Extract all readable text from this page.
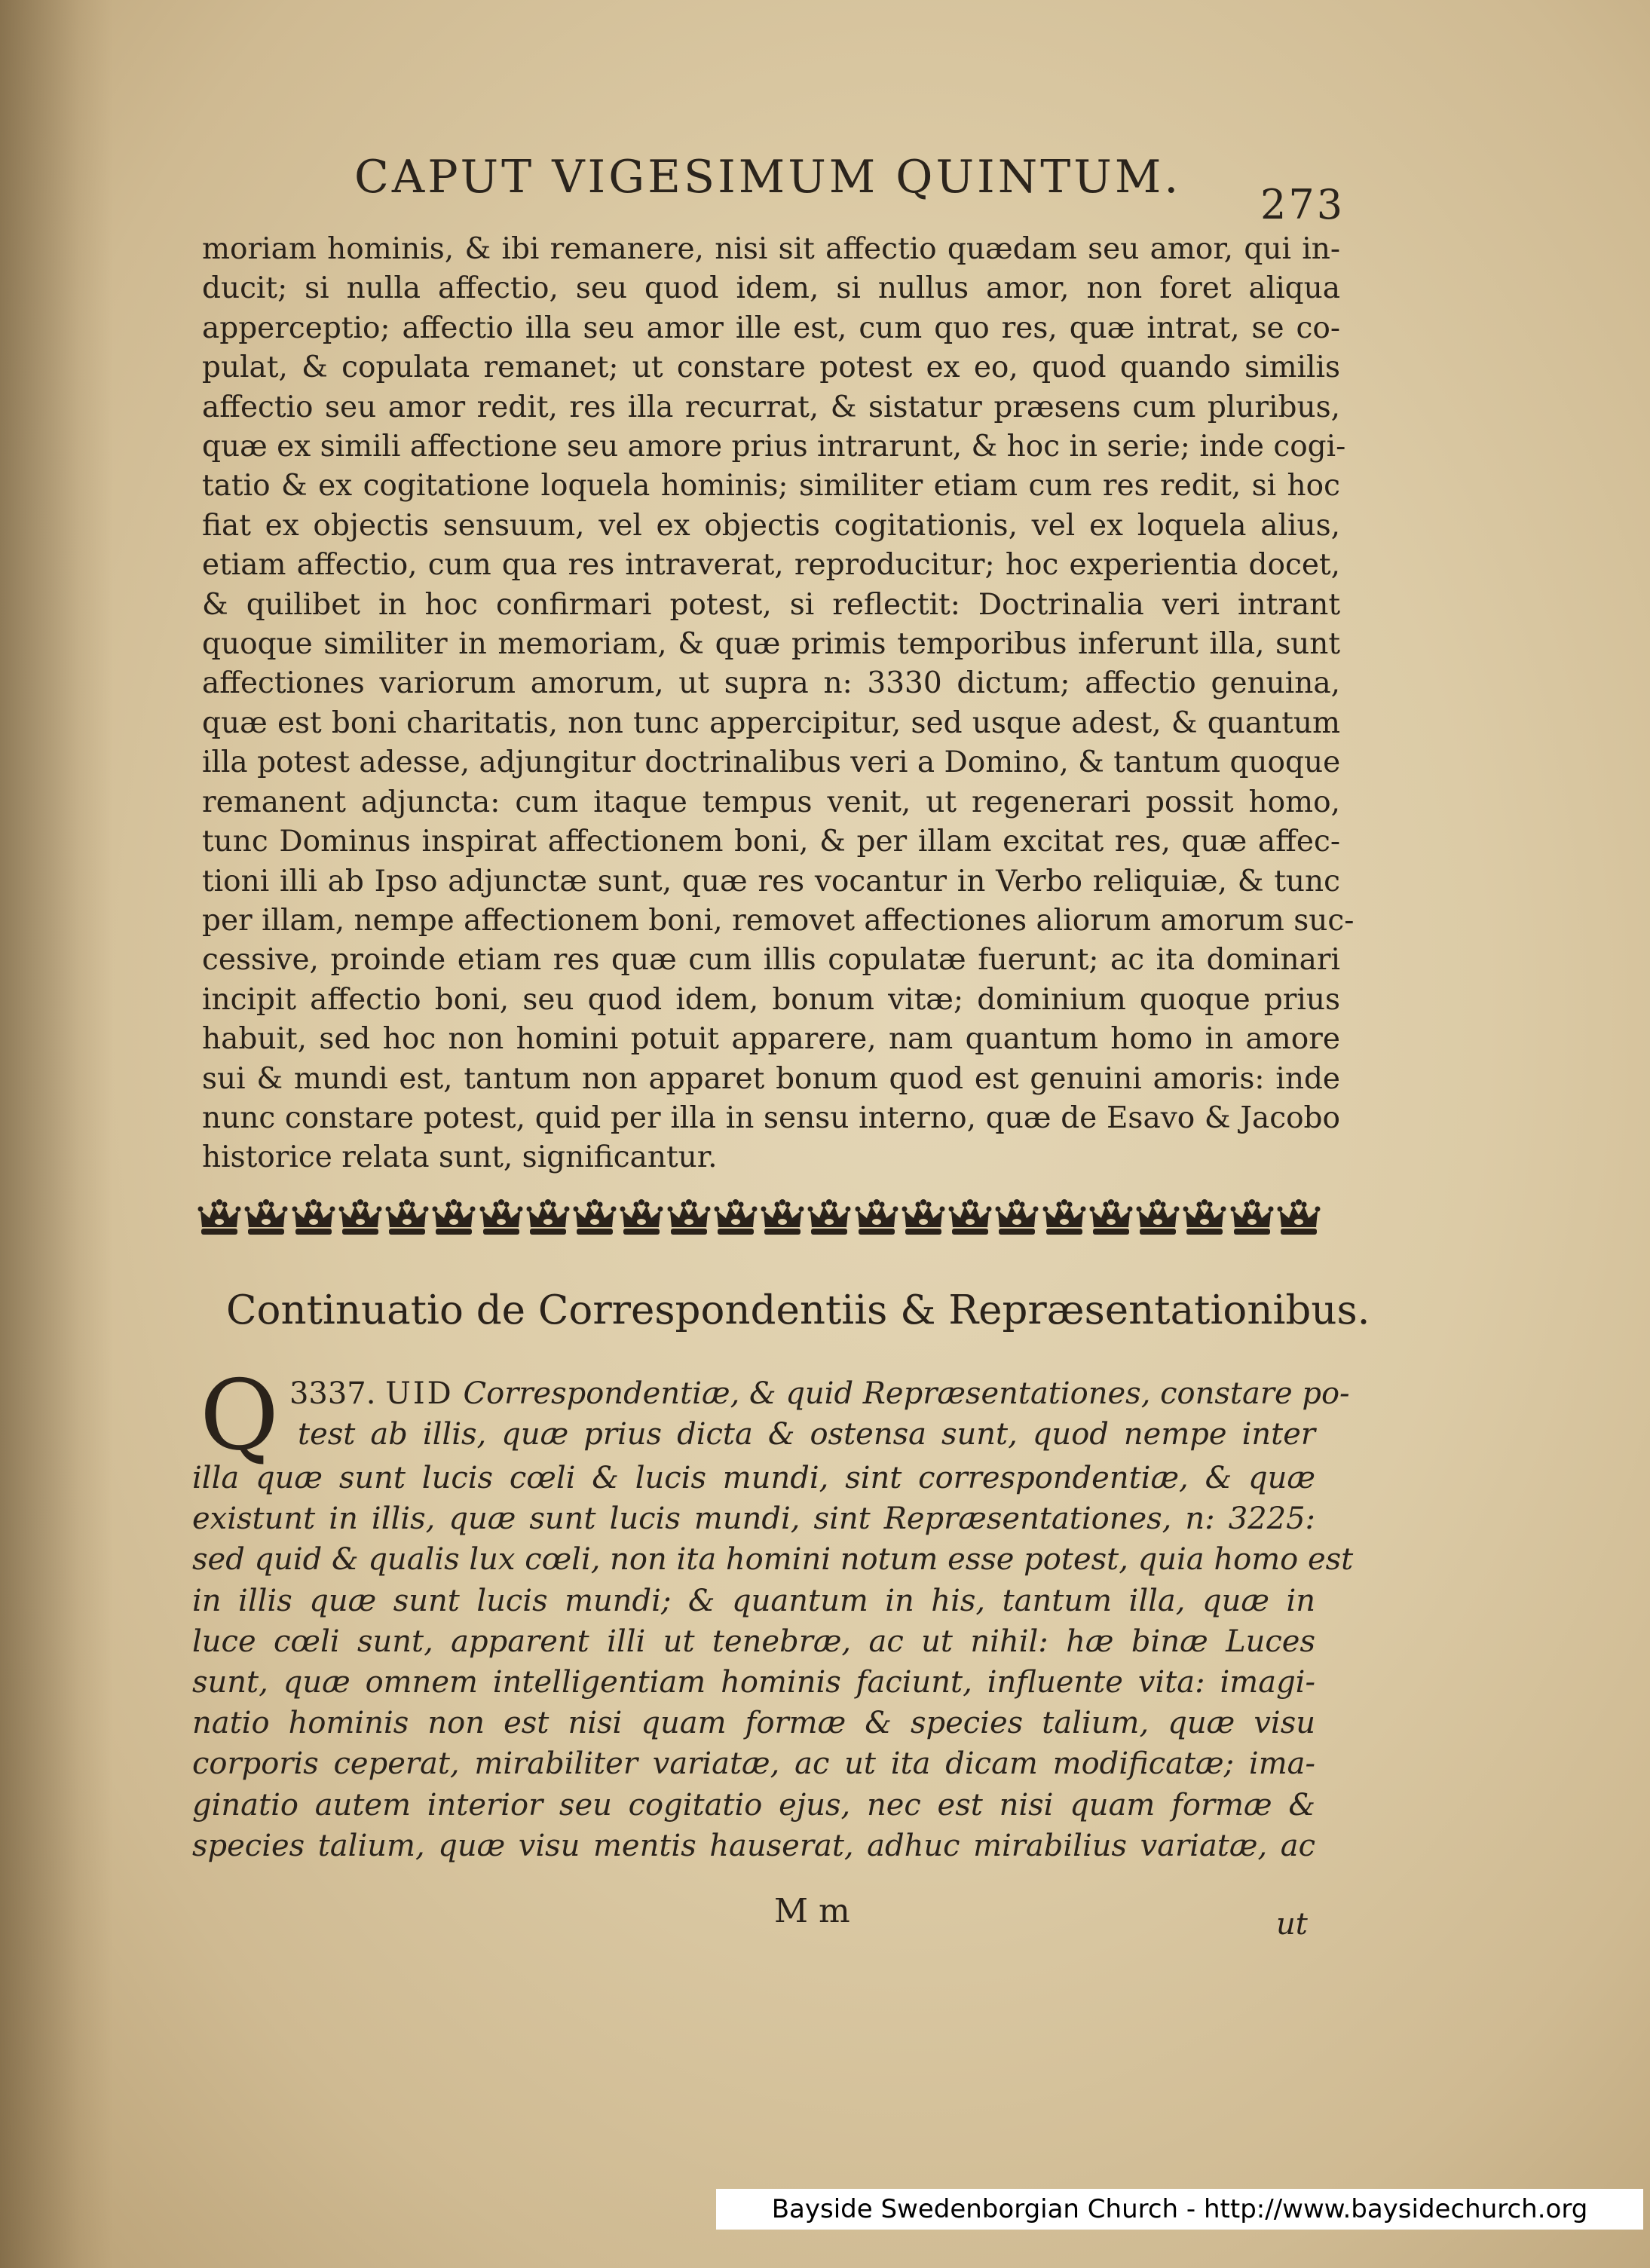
CAPUT VIGESIMUM QUINTUM.
273
moriam hominis, & ibi remanere, nisi sit affectio quædam seu amor, qui in-
ducit; si nulla affectio, seu quod idem, si nullus amor, non foret aliqua
apperceptio; affectio illa seu amor ille est, cum quo res, quæ intrat, se co-
pulat, & copulata remanet; ut constare potest ex eo, quod quando similis
affectio seu amor redit, res illa recurrat, & sistatur præsens cum pluribus,
quæ ex simili affectione seu amore prius intrarunt, & hoc in serie; inde cogi-
tatio & ex cogitatione loquela hominis; similiter etiam cum res redit, si hoc
fiat ex objectis sensuum, vel ex objectis cogitationis, vel ex loquela alius,
etiam affectio, cum qua res intraverat, reproducitur; hoc experientia docet,
& quilibet in hoc confirmari potest, si reflectit: Doctrinalia veri intrant
quoque similiter in memoriam, & quæ primis temporibus inferunt illa, sunt
affectiones variorum amorum, ut supra n: 3330 dictum; affectio genuina,
quæ est boni charitatis, non tunc appercipitur, sed usque adest, & quantum
illa potest adesse, adjungitur doctrinalibus veri a Domino, & tantum quoque
remanent adjuncta: cum itaque tempus venit, ut regenerari possit homo,
tunc Dominus inspirat affectionem boni, & per illam excitat res, quæ affec-
tioni illi ab Ipso adjunctæ sunt, quæ res vocantur in Verbo reliquiæ, & tunc
per illam, nempe affectionem boni, removet affectiones aliorum amorum suc-
cessive, proinde etiam res quæ cum illis copulatæ fuerunt; ac ita dominari
incipit affectio boni, seu quod idem, bonum vitæ; dominium quoque prius
habuit, sed hoc non homini potuit apparere, nam quantum homo in amore
sui & mundi est, tantum non apparet bonum quod est genuini amoris: inde
nunc constare potest, quid per illa in sensu interno, quæ de Esavo & Jacobo
historice relata sunt, significantur.
Continuatio de Correspondentiis & Repræsentationibus.
3337.
Q	UID Correspondentiæ, & quid Repræsentationes, constare po-
test ab illis, quæ prius dicta & ostensa sunt, quod nempe inter
illa quæ sunt lucis cœli & lucis mundi, sint correspondentiæ, & quæ
existunt in illis, quæ sunt lucis mundi, sint Repræsentationes, n: 3225:
sed quid & qualis lux cœli, non ita homini notum esse potest, quia homo est
in illis quæ sunt lucis mundi; & quantum in his, tantum illa, quæ in
luce cœli sunt, apparent illi ut tenebræ, ac ut nihil: hæ binæ Luces
sunt, quæ omnem intelligentiam hominis faciunt, influente vita: imagi-
natio hominis non est nisi quam formæ & species talium, quæ visu
corporis ceperat, mirabiliter variatæ, ac ut ita dicam modificatæ; ima-
ginatio autem interior seu cogitatio ejus, nec est nisi quam formæ &
species talium, quæ visu mentis hauserat, adhuc mirabilius variatæ, ac
M m	ut
Bayside Swedenborgian Church - http://www.baysidechurch.org
